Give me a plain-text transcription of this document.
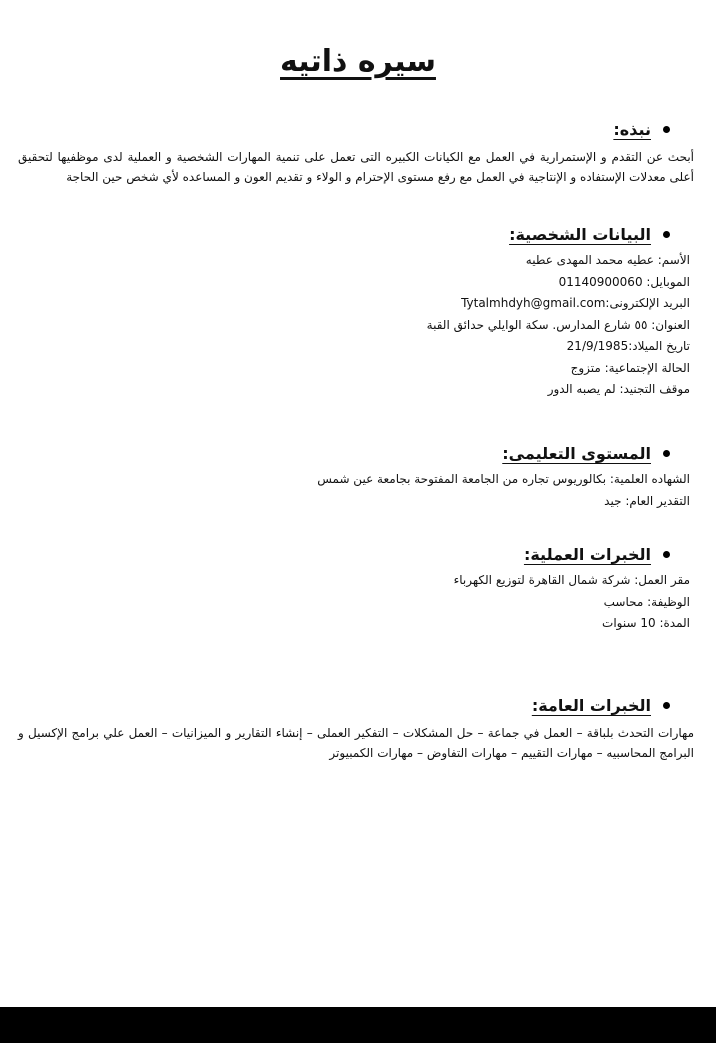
سيره ذاتيه
نبذه:
أبحث عن التقدم و الإستمرارية في العمل مع الكيانات الكبيره التى تعمل على تنمية المهارات الشخصية و العملية لدى موظفيها لتحقيق أعلى معدلات الإستفاده و الإنتاجية في العمل مع رفع مستوى الإحترام و الولاء و تقديم العون و المساعده لأي شخص حين الحاجة
البيانات الشخصية:
الأسم: عطيه محمد المهدى عطيه
الموبايل: 01140900060
البريد الإلكترونى:Tytalmhdyh@gmail.com
العنوان: ٥٥ شارع المدارس. سكة الوايلي حدائق القبة
تاريخ الميلاد:21/9/1985
الحالة الإجتماعية: متزوج
موقف التجنيد: لم يصبه الدور
المستوى التعليمى:
الشهاده العلمية: بكالوريوس تجاره من الجامعة المفتوحة بجامعة عين شمس
التقدير العام: جيد
الخبرات العملية:
مقر العمل: شركة شمال القاهرة لتوزيع الكهرباء
الوظيفة: محاسب
المدة: 10 سنوات
الخبرات العامة:
مهارات التحدث بلباقة – العمل في جماعة – حل المشكلات – التفكير العملى – إنشاء التقارير و الميزانيات – العمل علي برامج الإكسيل و البرامج المحاسبيه – مهارات التقييم – مهارات التفاوض – مهارات الكمبيوتر
